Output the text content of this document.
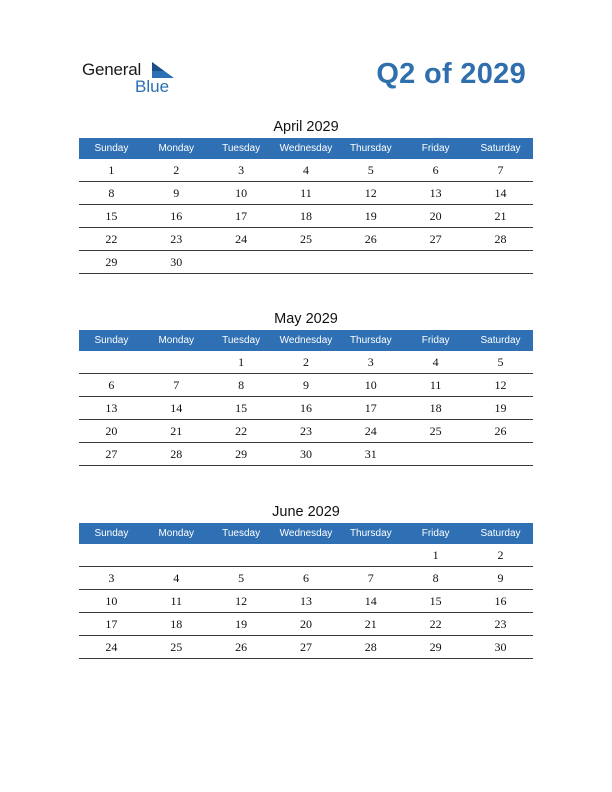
General
Blue	Q2 of 2029
April 2029
Sunday	Monday	Tuesday	Wednesday	Thursday	Friday	Saturday
1	2	3	4	5	6	7
8	9	10	11	12	13	14
15	16	17	18	19	20	21
22	23	24	25	26	27	28
29	30					
May 2029
Sunday	Monday	Tuesday	Wednesday	Thursday	Friday	Saturday
		1	2	3	4	5
6	7	8	9	10	11	12
13	14	15	16	17	18	19
20	21	22	23	24	25	26
27	28	29	30	31		
June 2029
Sunday	Monday	Tuesday	Wednesday	Thursday	Friday	Saturday
					1	2
3	4	5	6	7	8	9
10	11	12	13	14	15	16
17	18	19	20	21	22	23
24	25	26	27	28	29	30
